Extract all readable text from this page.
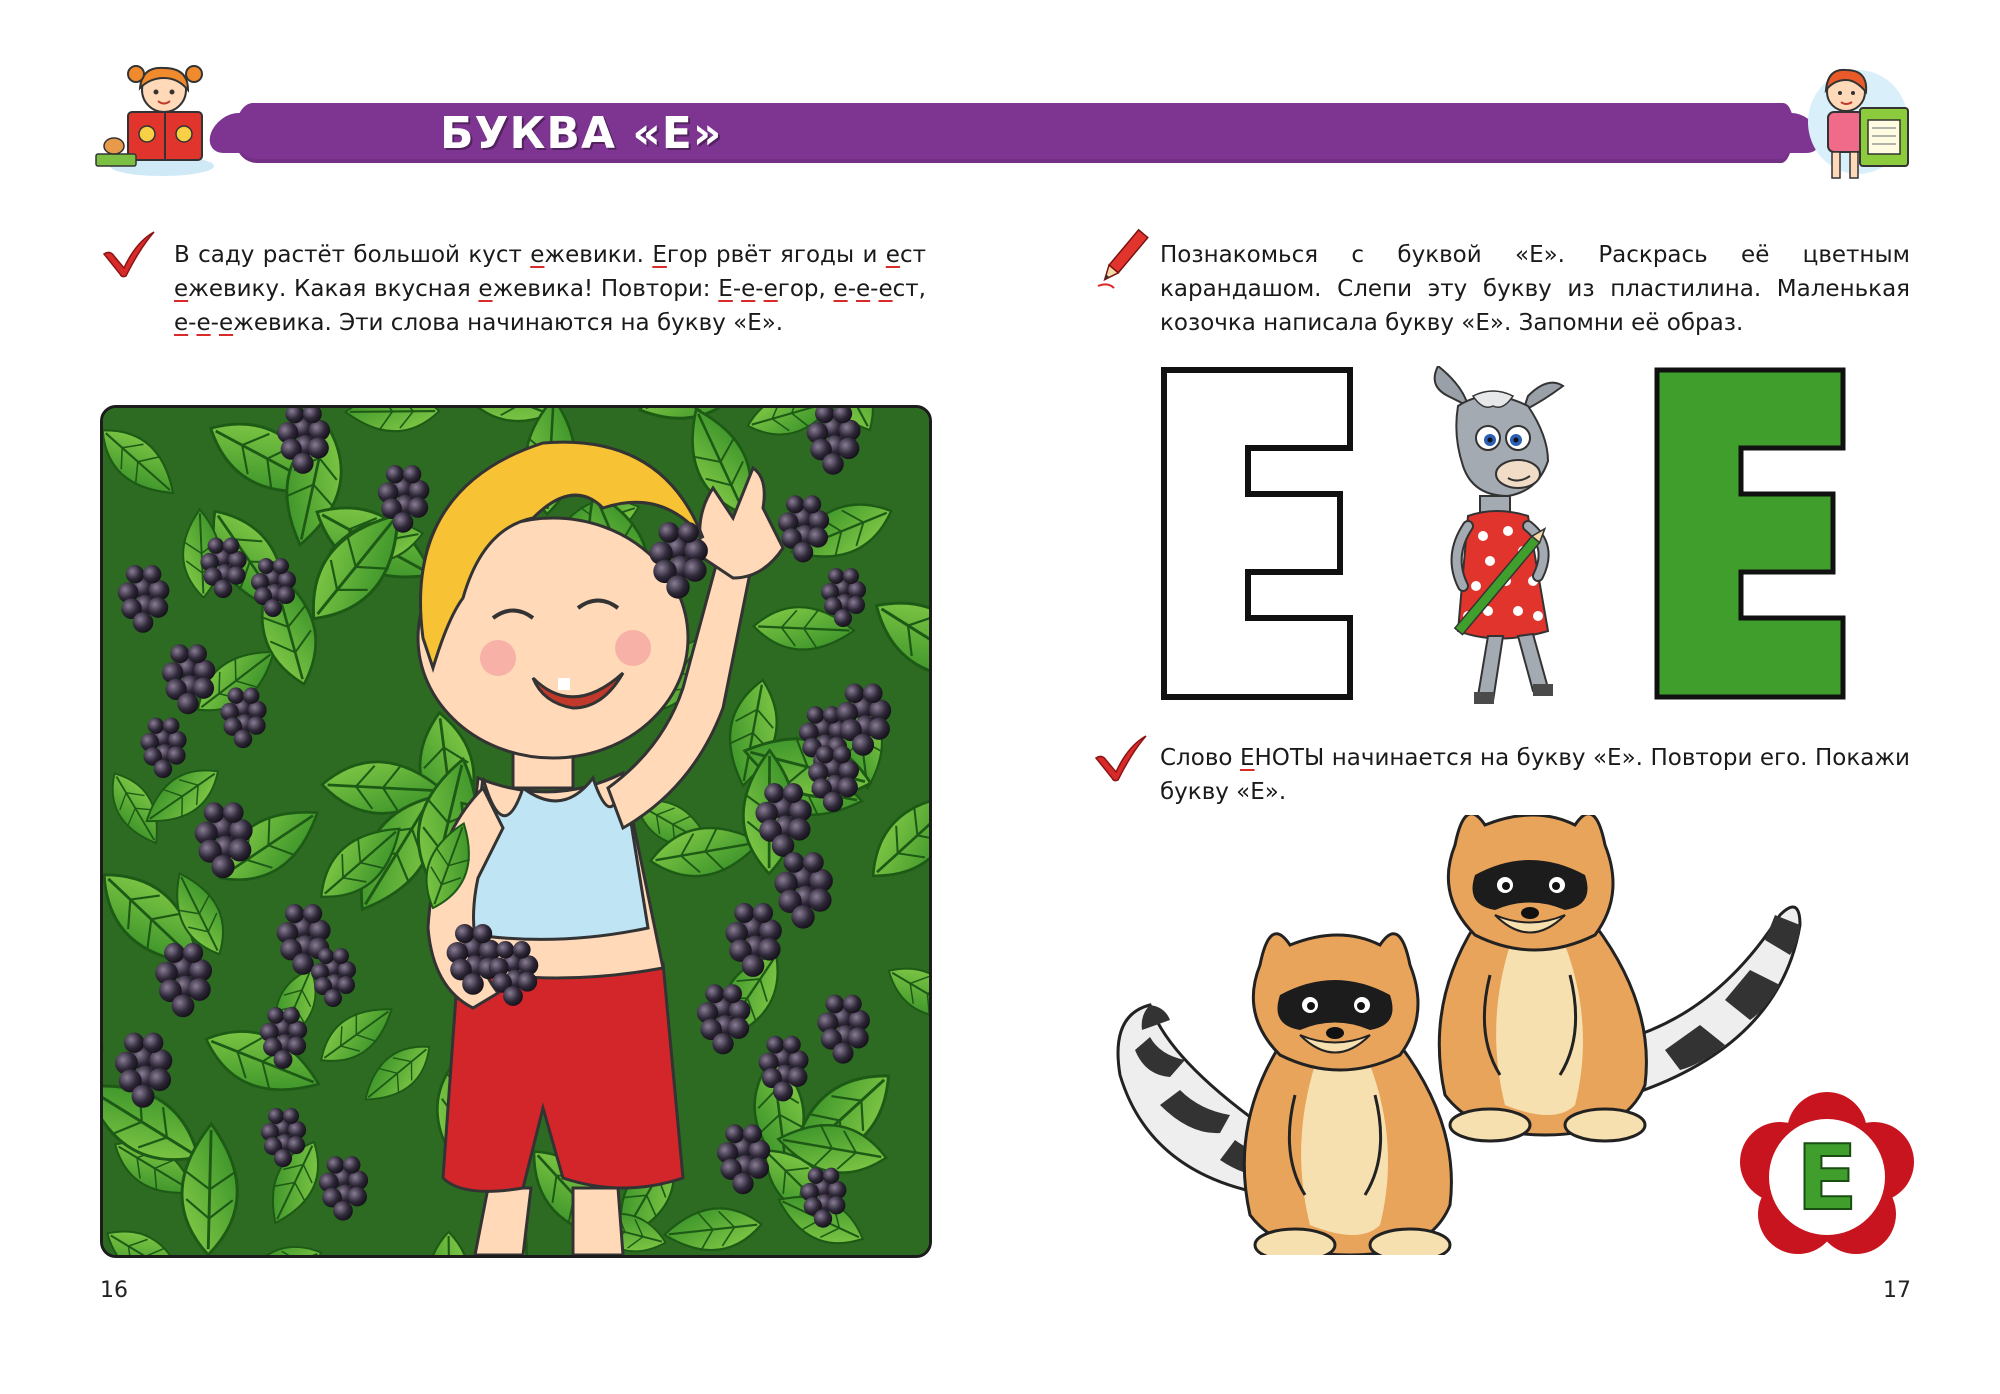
БУКВА «Е»
В саду растёт большой куст ежевики. Егор рвёт ягоды и ест ежевику. Какая вкусная ежевика! Повтори: Е-е-егор, е-е-ест, е-е-ежевика. Эти слова начинаются на букву «Е».
16
Познакомься с буквой «Е». Раскрась её цветным карандашом. Слепи эту букву из пластилина. Маленькая козочка написала букву «Е». Запомни её образ.
Е
Слово ЕНОТЫ начинается на букву «Е». Повтори его. Покажи букву «Е».
Е
17
